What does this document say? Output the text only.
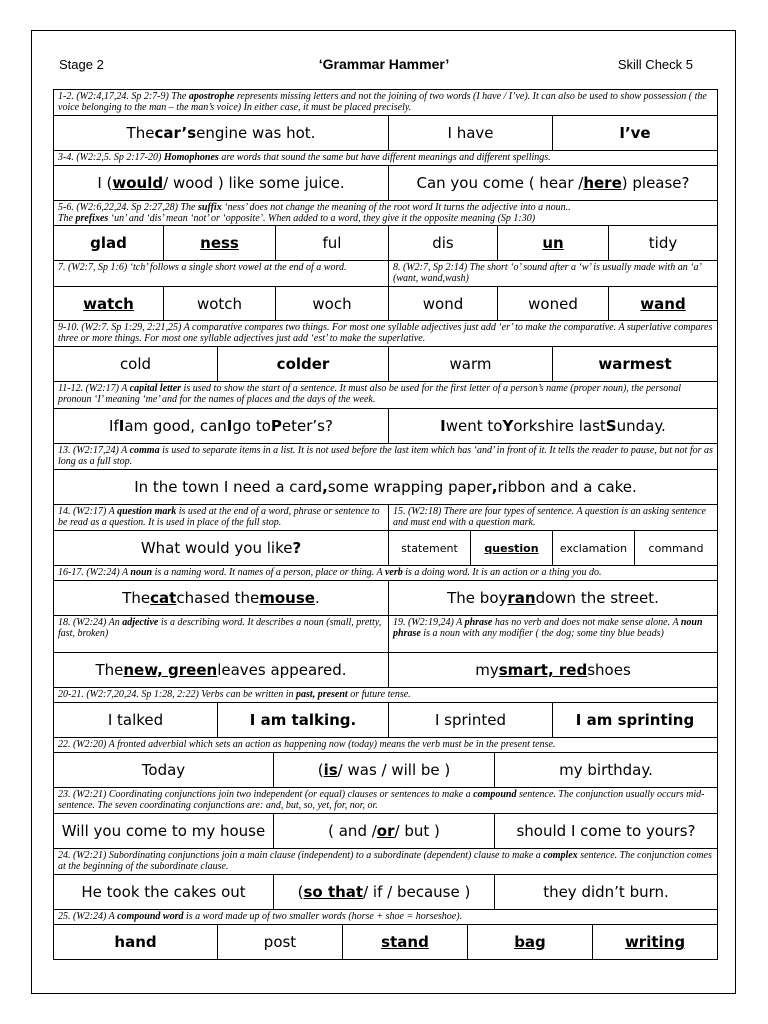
Stage 2	‘Grammar Hammer’	Skill Check 5
1-2. (W2:4,17,24. Sp 2:7-9) The apostrophe represents missing letters and not the joining of two words (I have / I’ve). It can also be used to show possession ( the voice belonging to the man – the man’s voice) In either case, it must be placed precisely.
The car’s engine was hot.	I have	I’ve
3-4. (W2:2,5. Sp 2:17-20) Homophones are words that sound the same but have different meanings and different spellings.
I ( would / wood ) like some juice.	Can you come ( hear / here ) please?
5-6. (W2:6,22,24. Sp 2:27,28) The suffix ‘ness’ does not change the meaning of the root word It turns the adjective into a noun..
The prefixes ‘un’ and ‘dis’ mean ‘not’ or ‘opposite’. When added to a word, they give it the opposite meaning (Sp 1:30)
glad	ness	ful	dis	un	tidy
7. (W2:7, Sp 1:6) ‘tch’ follows a single short vowel at the end of a word.	8. (W2:7, Sp 2:14) The short ‘o’ sound after a ‘w’ is usually made with an ‘a’ (want, wand,wash)
watch	wotch	woch	wond	woned	wand
9-10. (W2:7. Sp 1:29, 2:21,25) A comparative compares two things. For most one syllable adjectives just add ‘er’ to make the comparative. A superlative compares three or more things. For most one syllable adjectives just add ‘est’ to make the superlative.
cold	colder	warm	warmest
11-12. (W2:17) A capital letter is used to show the start of a sentence. It must also be used for the first letter of a person’s name (proper noun), the personal pronoun ‘I’ meaning ‘me’ and for the names of places and the days of the week.
If I am good, can I go to P eter’s?	I went to Y orkshire last S unday.
13. (W2:17,24) A comma is used to separate items in a list. It is not used before the last item which has ‘and’ in front of it. It tells the reader to pause, but not for as long as a full stop.
In the town I need a card , some wrapping paper , ribbon and a cake.
14. (W2:17) A question mark is used at the end of a word, phrase or sentence to be read as a question. It is used in place of the full stop.
15. (W2:18) There are four types of sentence. A question is an asking sentence and must end with a question mark.
What would you like ?	statement	question	exclamation	command
16-17. (W2:24) A noun is a naming word. It names of a person, place or thing. A verb is a doing word. It is an action or a thing you do.
The cat chased the mouse .	The boy ran down the street.
18. (W2:24) An adjective is a describing word. It describes a noun (small, pretty, fast, broken)
19. (W2:19,24) A phrase has no verb and does not make sense alone. A noun phrase is a noun with any modifier ( the dog; some tiny blue beads)
The new, green leaves appeared.	my smart, red shoes
20-21. (W2:7,20,24. Sp 1:28, 2:22) Verbs can be written in past, present or future tense.
I talked	I am talking.	I sprinted	I am sprinting
22. (W2:20) A fronted adverbial which sets an action as happening now (today) means the verb must be in the present tense.
Today	( is / was / will be )	my birthday.
23. (W2:21) Coordinating conjunctions join two independent (or equal) clauses or sentences to make a compound sentence. The conjunction usually occurs mid-sentence. The seven coordinating conjunctions are: and, but, so, yet, for, nor, or.
Will you come to my house	( and / or / but )	should I come to yours?
24. (W2:21) Subordinating conjunctions join a main clause (independent) to a subordinate (dependent) clause to make a complex sentence. The conjunction comes at the beginning of the subordinate clause.
He took the cakes out	( so that / if / because )	they didn’t burn.
25. (W2:24) A compound word is a word made up of two smaller words (horse + shoe = horseshoe).
hand	post	stand	bag	writing
